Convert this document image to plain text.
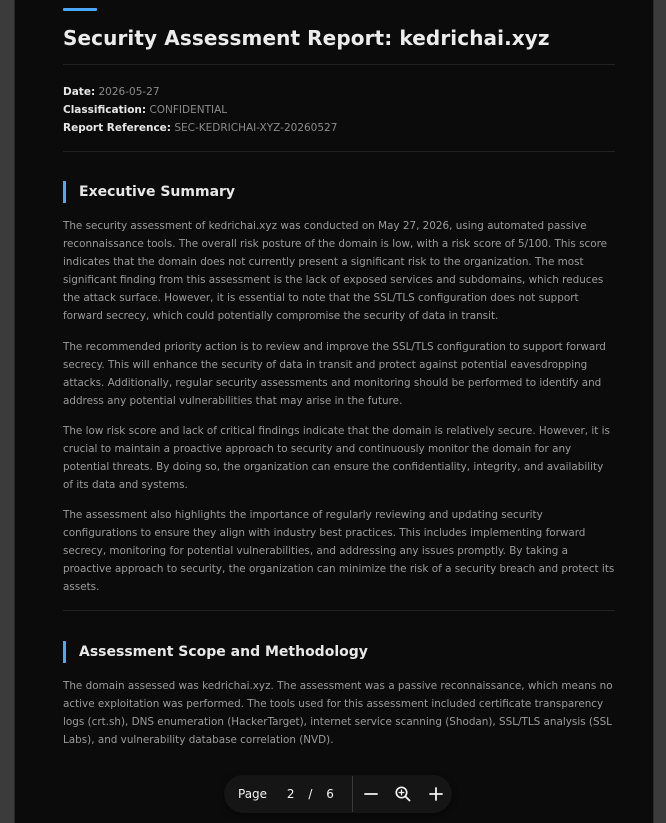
Security Assessment Report: kedrichai.xyz
Date: 2026-05-27
Classification: CONFIDENTIAL
Report Reference: SEC-KEDRICHAI-XYZ-20260527
Executive Summary

The security assessment of kedrichai.xyz was conducted on May 27, 2026, using automated passive reconnaissance tools. The overall risk posture of the domain is low, with a risk score of 5/100. This score indicates that the domain does not currently present a significant risk to the organization. The most significant finding from this assessment is the lack of exposed services and subdomains, which reduces the attack surface. However, it is essential to note that the SSL/TLS configuration does not support forward secrecy, which could potentially compromise the security of data in transit.

The recommended priority action is to review and improve the SSL/TLS configuration to support forward secrecy. This will enhance the security of data in transit and protect against potential eavesdropping attacks. Additionally, regular security assessments and monitoring should be performed to identify and address any potential vulnerabilities that may arise in the future.

The low risk score and lack of critical findings indicate that the domain is relatively secure. However, it is crucial to maintain a proactive approach to security and continuously monitor the domain for any potential threats. By doing so, the organization can ensure the confidentiality, integrity, and availability of its data and systems.

The assessment also highlights the importance of regularly reviewing and updating security configurations to ensure they align with industry best practices. This includes implementing forward secrecy, monitoring for potential vulnerabilities, and addressing any issues promptly. By taking a proactive approach to security, the organization can minimize the risk of a security breach and protect its assets.

Assessment Scope and Methodology

The domain assessed was kedrichai.xyz. The assessment was a passive reconnaissance, which means no active exploitation was performed. The tools used for this assessment included certificate transparency logs (crt.sh), DNS enumeration (HackerTarget), internet service scanning (Shodan), SSL/TLS analysis (SSL Labs), and vulnerability database correlation (NVD).

Page	2	/	6
